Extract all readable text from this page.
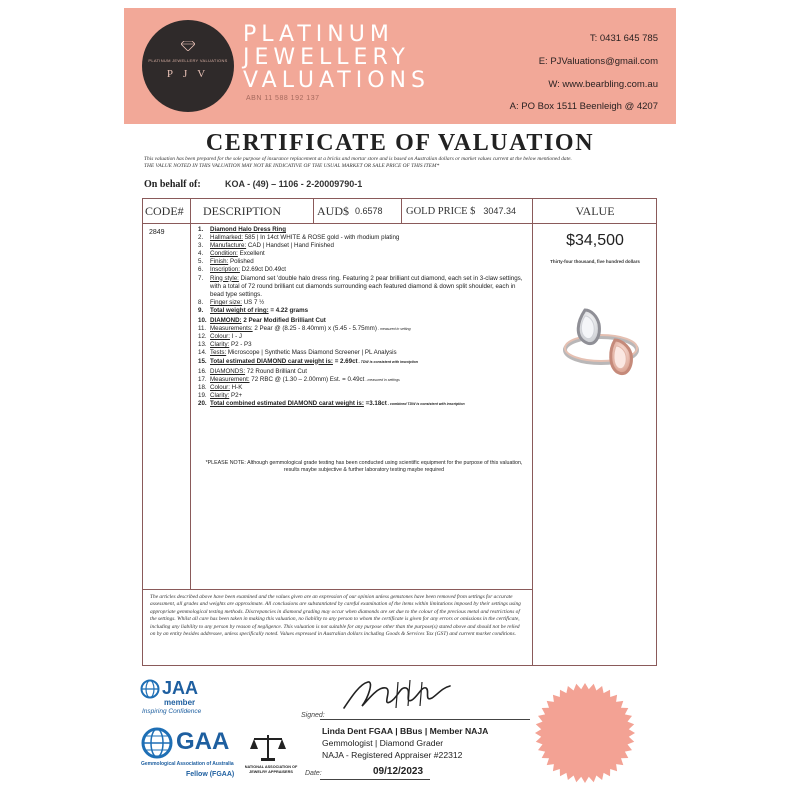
PLATINUM JEWELLERY VALUATIONS
PJV
PLATINUM
JEWELLERY
VALUATIONS
ABN 11 588 192 137
T: 0431 645 785
E: PJValuations@gmail.com
W: www.bearbling.com.au
A: PO Box 1511 Beenleigh @ 4207
CERTIFICATE OF VALUATION
This valuation has been prepared for the sole purpose of insurance replacement at a bricks and mortar store and is based on Australian dollars or market values current at the below mentioned date.
THE VALUE NOTED IN THIS VALUATION MAY NOT BE INDICATIVE OF THE USUAL MARKET OR SALE PRICE OF THIS ITEM*
On behalf of:	KOA - (49) – 1106 - 2-20009790-1
CODE# DESCRIPTION	AUD$ 0.6578 GOLD PRICE $ 3047.34	VALUE
2849	1.	Diamond Halo Dress Ring
2.	Hallmarked: 585 | In 14ct WHITE & ROSE gold - with rhodium plating
3.	Manufacture: CAD | Handset | Hand Finished
4.	Condition: Excellent
5.	Finish: Polished
6.	Inscription: D2.69ct D0.49ct
7.	Ring style: Diamond set 'double halo dress ring. Featuring 2 pear brilliant cut diamond, each set in 3-claw settings, with a total of 72 round brilliant cut diamonds surrounding each featured diamond & down split shoulder, each in bead type settings.
8.	Finger size: US 7 ½
9.	Total weight of ring: = 4.22 grams
10. DIAMOND: 2 Pear Modified Brilliant Cut
11. Measurements: 2 Pear @ (8.25 - 8.40mm) x (5.45 - 5.75mm) - measured in setting
12. Colour: I - J
13. Clarity: P2 - P3
14. Tests: Microscope | Synthetic Mass Diamond Screener | PL Analysis
15. Total estimated DIAMOND carat weight is: = 2.69ct - TDW is consistent with inscription
16. DIAMONDS: 72 Round Brilliant Cut
17. Measurement: 72 RBC @ (1.30 – 2.00mm) Est. = 0.49ct - measured in settings
18. Colour: H-K
19. Clarity: P2+
20. Total combined estimated DIAMOND carat weight is: =3.18ct - combined TDW is consistent with inscription
*PLEASE NOTE: Although gemmological grade testing has been conducted using scientific equipment for the purpose of this valuation,
results maybe subjective & further laboratory testing maybe required
The articles described above have been examined and the values given are an expression of our opinion unless gemstones have been removed from settings for accurate assessment, all grades and weights are approximate. All conclusions are substantiated by careful examination of the items within limitations imposed by their settings using appropriate gemmological testing methods. Discrepancies in diamond grading may occur when diamonds are set due to the colour of the precious metal and restrictions of the settings. Whilst all care has been taken in making this valuation, no liability to any person to whom the certificate is given for any errors or omissions in the certificate, including any liability to any person by reason of negligence. This valuation is not suitable for any purpose other than the purpose(s) stated above and should not be relied on by an entity besides addressee, unless specifically noted. Values expressed in Australian dollars including Goods & Services Tax (GST) and current market conditions.
$34,500
Thirty-four thousand, five hundred dollars
JAA
member
Inspiring Confidence
GAA
Gemmological Association of Australia
Fellow (FGAA)
NATIONAL ASSOCIATION OF JEWELRY APPRAISERS
Signed:
Linda Dent FGAA | BBus | Member NAJA
Gemmologist | Diamond Grader
NAJA - Registered Appraiser #22312
Date:	09/12/2023
